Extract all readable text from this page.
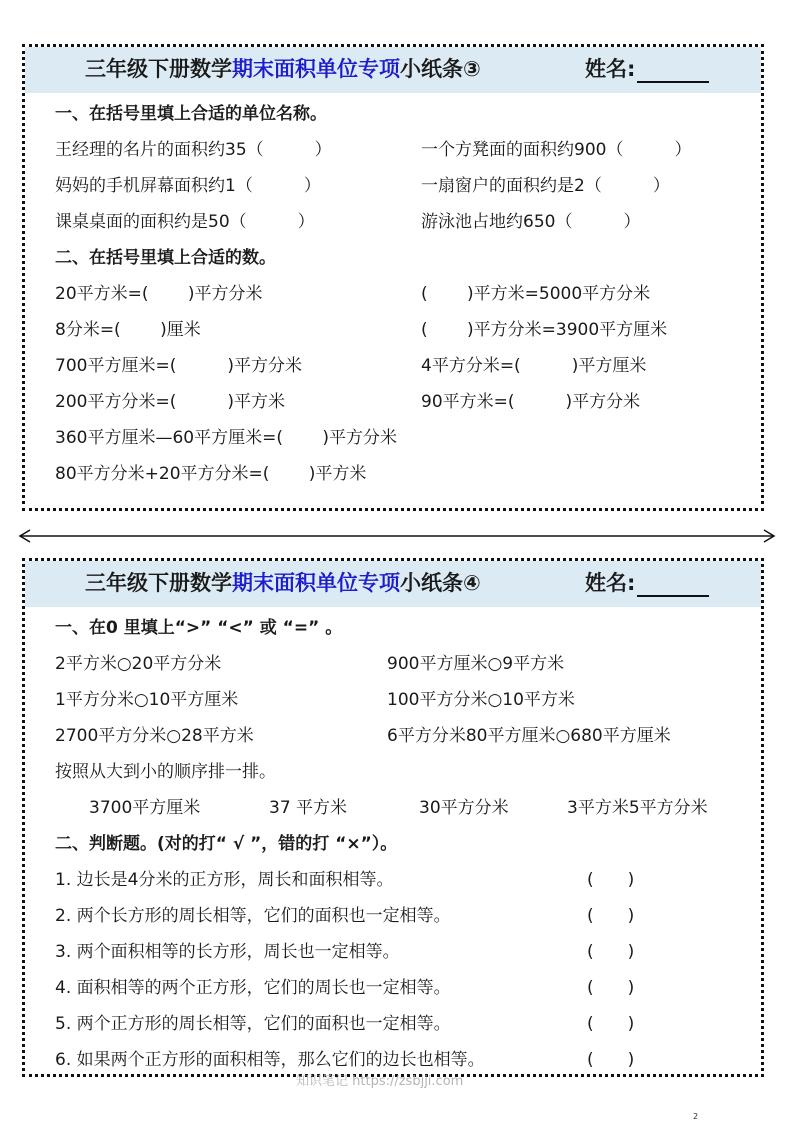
三年级下册数学期末面积单位专项小纸条③	姓名:
一、在括号里填上合适的单位名称。
王经理的名片的面积约35（　　　）	一个方凳面的面积约900（　　　）
妈妈的手机屏幕面积约1（　　　）	一扇窗户的面积约是2（　　　）
课桌桌面的面积约是50（　　　）	游泳池占地约650（　　　）
二、在括号里填上合适的数。
20平方米=(　　 )平方分米	(　　 )平方米=5000平方分米
8分米=(　　 )厘米	(　　 )平方分米=3900平方厘米
700平方厘米=(　　　)平方分米	4平方分米=(　　　)平方厘米
200平方分米=(　　　)平方米	90平方米=(　　　)平方分米
360平方厘米—60平方厘米=(　　 )平方分米
80平方分米+20平方分米=(　　 )平方米
三年级下册数学期末面积单位专项小纸条④	姓名:
一、在0 里填上“>” “<” 或 “=” 。
2平方米○20平方分米	900平方厘米○9平方米
1平方分米○10平方厘米	100平方分米○10平方米
2700平方分米○28平方米	6平方分米80平方厘米○680平方厘米
按照从大到小的顺序排一排。
3700平方厘米	37 平方米	30平方分米	3平方米5平方分米
二、判断题。(对的打“ √ ”，错的打 “×”）。
1. 边长是4分米的正方形，周长和面积相等。	(　　)
2. 两个长方形的周长相等，它们的面积也一定相等。	(　　)
3. 两个面积相等的长方形，周长也一定相等。	(　　)
4. 面积相等的两个正方形，它们的周长也一定相等。	(　　)
5. 两个正方形的周长相等，它们的面积也一定相等。	(　　)
6. 如果两个正方形的面积相等，那么它们的边长也相等。	(　　)
知识笔记 https://zsbjji.com
2
